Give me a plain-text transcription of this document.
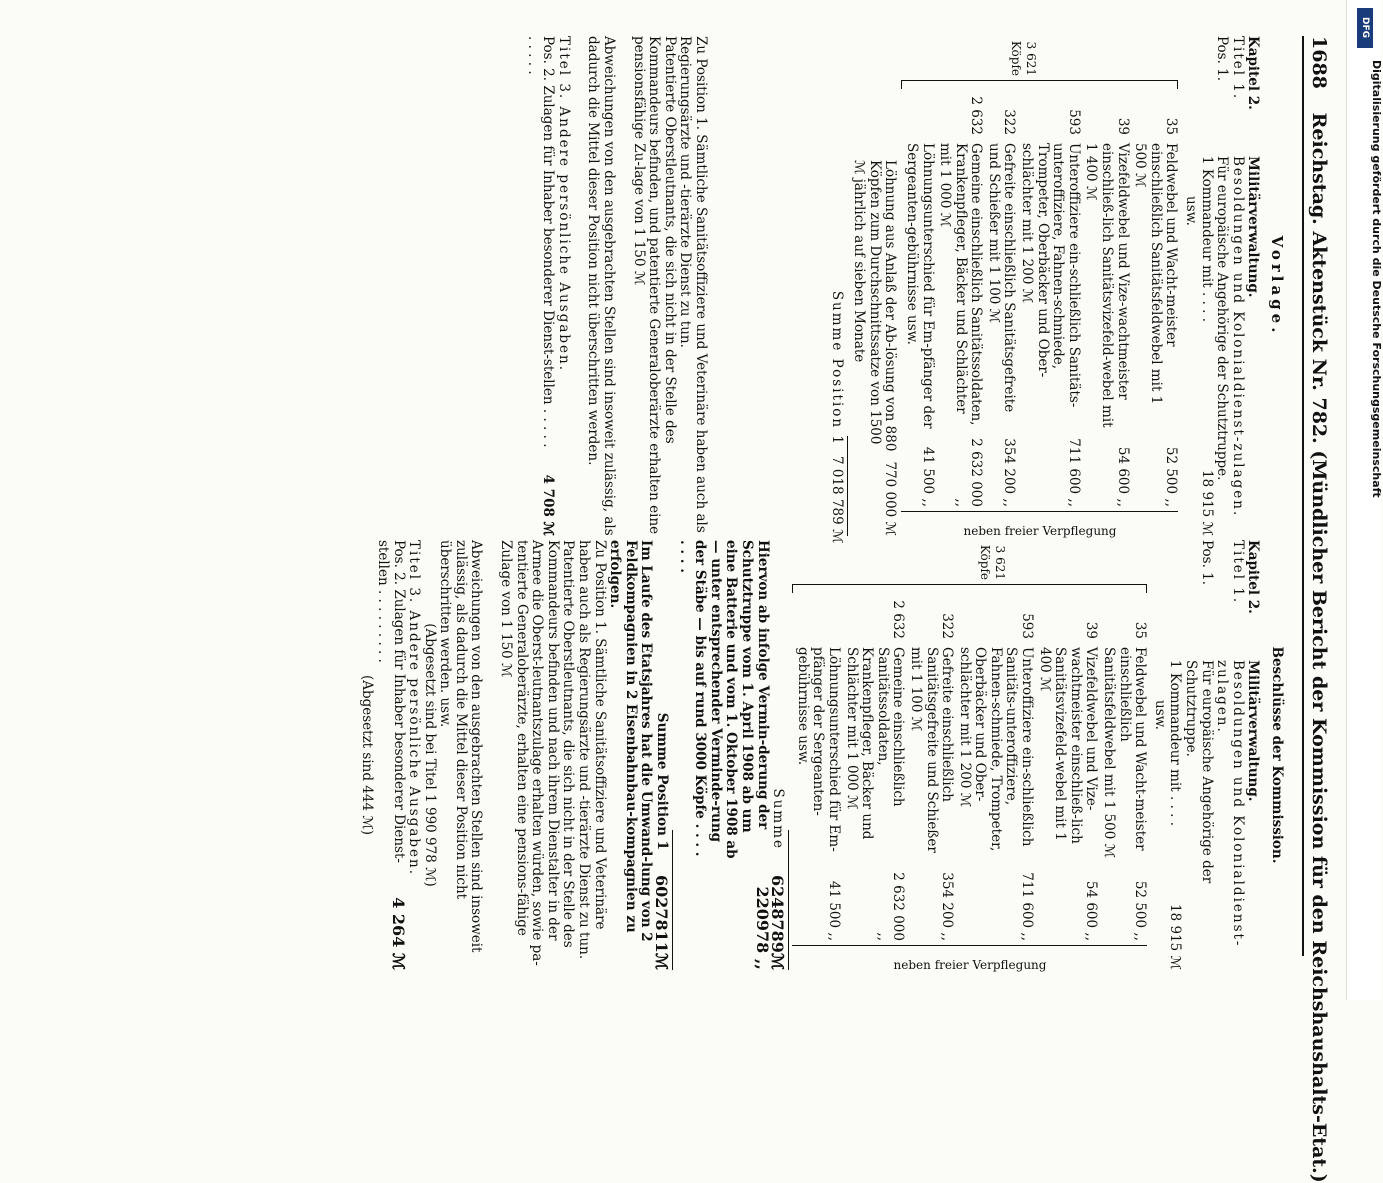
DFG
Digitalisierung gefördert durch die Deutsche Forschungsgemeinschaft
1688 Reichstag. Aktenstück Nr. 782. (Mündlicher Bericht der Kommission für den Reichshaushalts-Etat.)
Vorlage.
Kapitel 2.
Militärverwaltung.
Titel 1.
Besoldungen und Kolonialdienst-zulagen.
Pos. 1.
Für europäische Angehörige der Schutztruppe.
1 Kommandeur mit . . . .
18 915 ℳ
usw.
3 621 Köpfe
35
Feldwebel und Wacht-meister einschließlich Sanitätsfeldwebel mit 1 500 ℳ
52 500 ,,
39
Vizefeldwebel und Vize-wachtmeister einschließ-lich Sanitätsvizefeld-webel mit 1 400 ℳ
54 600 ,,
593
Unteroffiziere ein-schließlich Sanitäts-unteroffiziere, Fahnen-schmiede, Trompeter, Oberbäcker und Ober-schlächter mit 1 200 ℳ
711 600 ,,
322
Gefreite einschließlich Sanitätsgefreite und Schießer mit 1 100 ℳ
354 200 ,,
2 632
Gemeine einschließlich Sanitätssoldaten, Krankenpfleger, Bäcker und Schlächter mit 1 000 ℳ
2 632 000 ,,
Löhnungsunterschied für Em-pfänger der Sergeanten-gebührnisse usw.
41 500 ,,
neben freier Verpflegung
Löhnung aus Anlaß der Ab-lösung von 880 Köpfen zum Durchschnittssatze von 1500 ℳ jährlich auf sieben Monate
770 000 ℳ
Summe Position 1
7 018 789 ℳ
Zu Position 1. Sämtliche Sanitätsoffiziere und Veterinäre haben auch als Regierungsärzte und -tierärzte Dienst zu tun.
Patentierte Oberstleutnants, die sich nicht in der Stelle des Kommandeurs befinden, und patentierte Generaloberärzte erhalten eine pensionsfähige Zu-lage von 1 150 ℳ
Abweichungen von den ausgebrachten Stellen sind insoweit zulässig, als dadurch die Mittel dieser Position nicht überschritten werden.
Titel 3. Andere persönliche Ausgaben.
Pos. 2. Zulagen für Inhaber besonderer Dienst-stellen . . . . . . . . . .
4 708 ℳ
Beschlüsse der Kommission.
Kapitel 2.
Militärverwaltung.
Titel 1.
Besoldungen und Kolonialdienst-zulagen.
Pos. 1.
Für europäische Angehörige der Schutztruppe.
1 Kommandeur mit . . . .
18 915 ℳ
usw.
3 621 Köpfe
35
Feldwebel und Wacht-meister einschließlich Sanitätsfeldwebel mit 1 500 ℳ
52 500 ,,
39
Vizefeldwebel und Vize-wachtmeister einschließ-lich Sanitätsvizefeld-webel mit 1 400 ℳ
54 600 ,,
593
Unteroffiziere ein-schließlich Sanitäts-unteroffiziere, Fahnen-schmiede, Trompeter, Oberbäcker und Ober-schlächter mit 1 200 ℳ
711 600 ,,
322
Gefreite einschließlich Sanitätsgefreite und Schießer mit 1 100 ℳ
354 200 ,,
2 632
Gemeine einschließlich Sanitätssoldaten, Krankenpfleger, Bäcker und Schlächter mit 1 000 ℳ
2 632 000 ,,
Löhnungsunterschied für Em-pfänger der Sergeanten-gebührnisse usw.
41 500 ,,
neben freier Verpflegung
Summe
6248789ℳ
Hiervon ab infolge Vermin-derung der Schutztruppe vom 1. April 1908 ab um eine Batterie und vom 1. Oktober 1908 ab — unter entsprechender Verminde-rung der Stäbe — bis auf rund 3000 Köpfe . . . . . . . .
220978 ,,
Summe Position 1
6027811ℳ
Im Laufe des Etatsjahres hat die Umwand-lung von 2 Feldkompagnien in 2 Eisenbahnbau-kompagnien zu erfolgen.
Zu Position 1. Sämtliche Sanitätsoffiziere und Veterinäre haben auch als Regierungsärzte und -tierärzte Dienst zu tun.
Patentierte Oberstleutnants, die sich nicht in der Stelle des Kommandeurs befinden und nach ihrem Dienstalter in der Armee die Oberst-leutnantszulage erhalten würden, sowie pa-tentierte Generaloberärzte, erhalten eine pensions-fähige Zulage von 1 150 ℳ
Abweichungen von den ausgebrachten Stellen sind insoweit zulässig, als dadurch die Mittel dieser Position nicht überschritten werden. usw.
(Abgesetzt sind bei Titel 1 990 978 ℳ)
Titel 3. Andere persönliche Ausgaben.
Pos. 2. Zulagen für Inhaber besonderer Dienst-stellen . . . . . . . . .
4 264 ℳ
(Abgesetzt sind 444 ℳ)
